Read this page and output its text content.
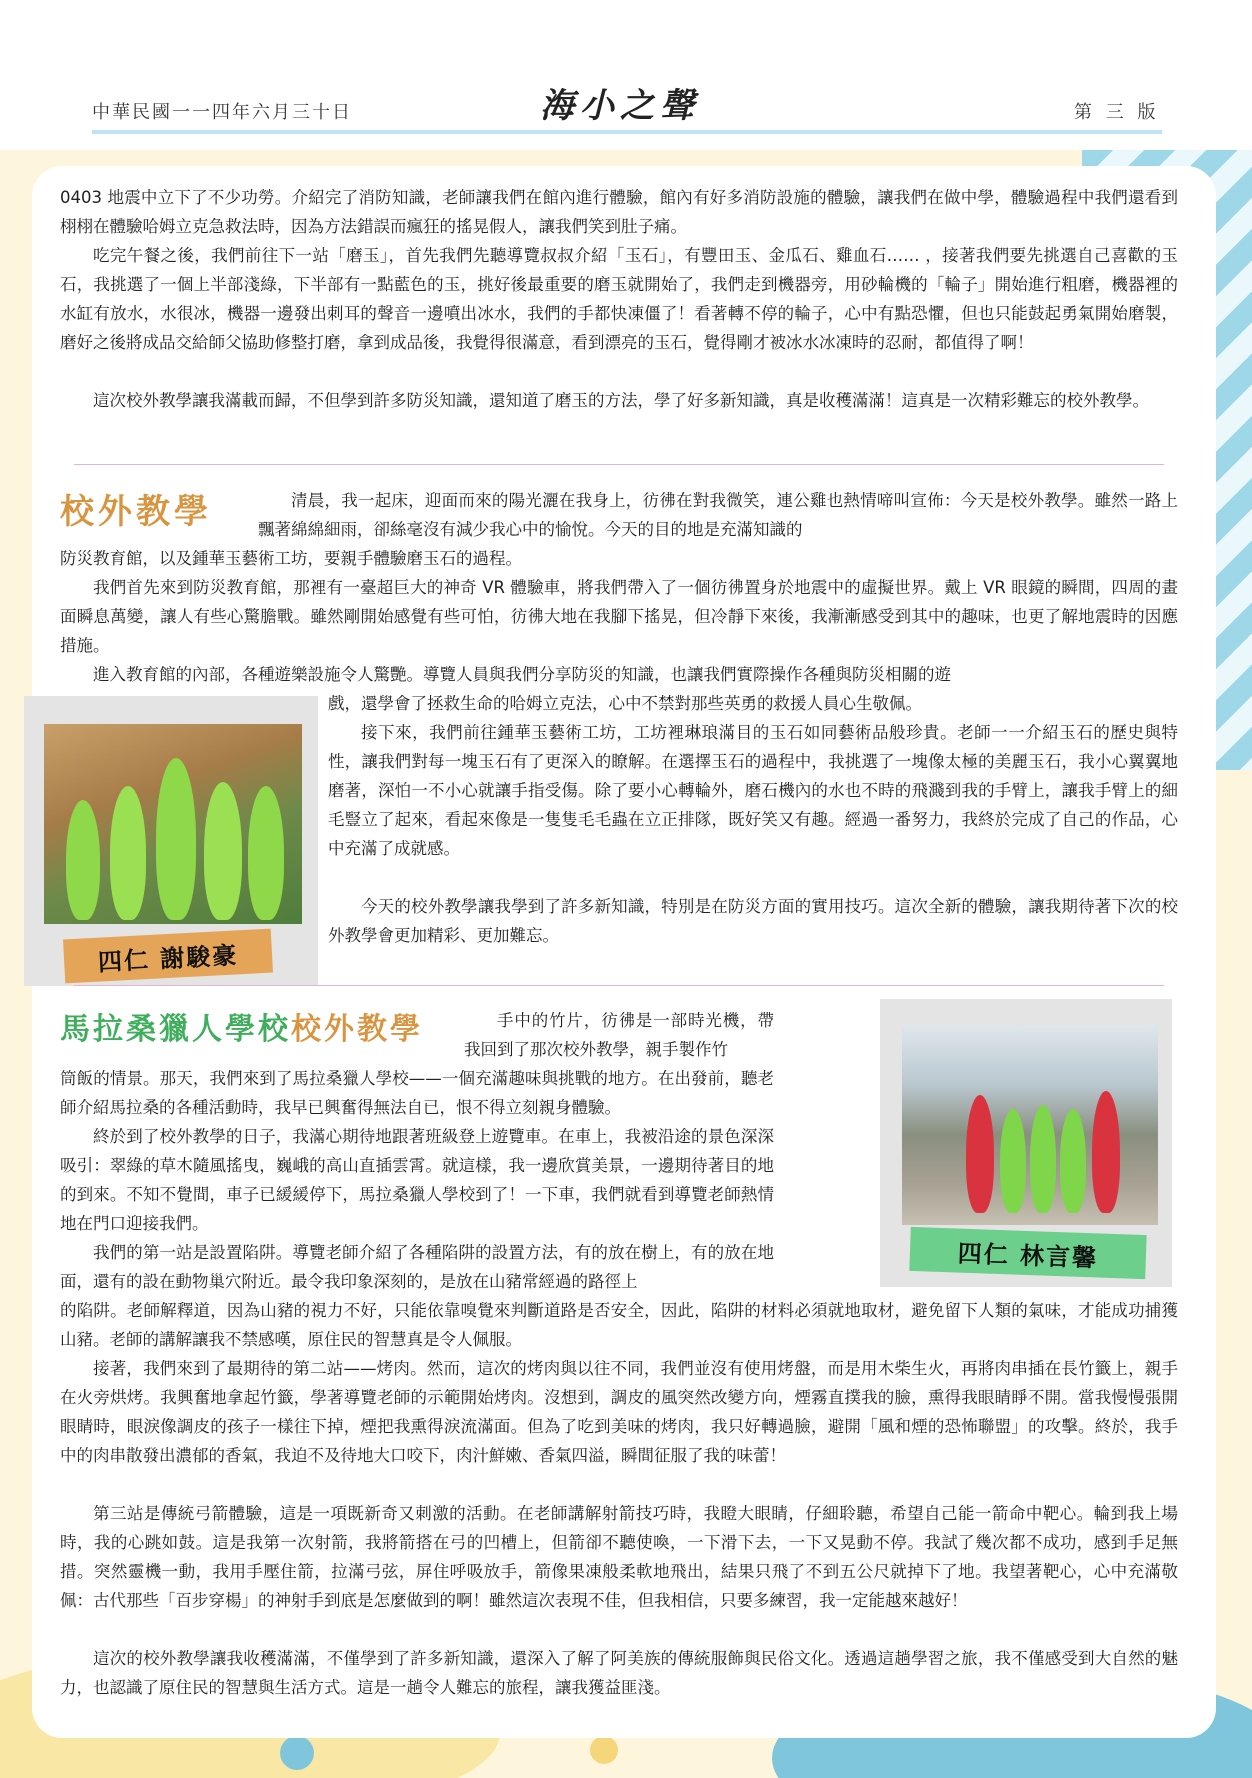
中華民國一一四年六月三十日	海小之聲	第 三 版

0403 地震中立下了不少功勞。介紹完了消防知識，老師讓我們在館內進行體驗，館內有好多消防設施的體驗，讓我們在做中學，體驗過程中我們還看到栩栩在體驗哈姆立克急救法時，因為方法錯誤而瘋狂的搖晃假人，讓我們笑到肚子痛。

吃完午餐之後，我們前往下一站「磨玉」，首先我們先聽導覽叔叔介紹「玉石」，有豐田玉、金瓜石、雞血石…… ，接著我們要先挑選自己喜歡的玉石，我挑選了一個上半部淺綠，下半部有一點藍色的玉，挑好後最重要的磨玉就開始了，我們走到機器旁，用砂輪機的「輪子」開始進行粗磨，機器裡的水缸有放水，水很冰，機器一邊發出刺耳的聲音一邊噴出冰水，我們的手都快凍僵了！看著轉不停的輪子，心中有點恐懼，但也只能鼓起勇氣開始磨製，磨好之後將成品交給師父協助修整打磨，拿到成品後，我覺得很滿意，看到漂亮的玉石，覺得剛才被冰水冰凍時的忍耐，都值得了啊！

這次校外教學讓我滿載而歸，不但學到許多防災知識，還知道了磨玉的方法，學了好多新知識，真是收穫滿滿！這真是一次精彩難忘的校外教學。

校外教學	清晨，我一起床，迎面而來的陽光灑在我身上，彷彿在對我微笑，連公雞也熱情啼叫宣佈：今天是校外教學。雖然一路上飄著綿綿細雨，卻絲毫沒有減少我心中的愉悅。今天的目的地是充滿知識的

防災教育館，以及鍾華玉藝術工坊，要親手體驗磨玉石的過程。

我們首先來到防災教育館，那裡有一臺超巨大的神奇 VR 體驗車，將我們帶入了一個彷彿置身於地震中的虛擬世界。戴上 VR 眼鏡的瞬間，四周的畫面瞬息萬變，讓人有些心驚膽戰。雖然剛開始感覺有些可怕，彷彿大地在我腳下搖晃，但冷靜下來後，我漸漸感受到其中的趣味，也更了解地震時的因應措施。

進入教育館的內部，各種遊樂設施令人驚艷。導覽人員與我們分享防災的知識，也讓我們實際操作各種與防災相關的遊

戲，還學會了拯救生命的哈姆立克法，心中不禁對那些英勇的救援人員心生敬佩。

接下來，我們前往鍾華玉藝術工坊，工坊裡琳琅滿目的玉石如同藝術品般珍貴。老師一一介紹玉石的歷史與特性，讓我們對每一塊玉石有了更深入的瞭解。在選擇玉石的過程中，我挑選了一塊像太極的美麗玉石，我小心翼翼地磨著，深怕一不小心就讓手指受傷。除了要小心轉輪外，磨石機內的水也不時的飛濺到我的手臂上，讓我手臂上的細毛豎立了起來，看起來像是一隻隻毛毛蟲在立正排隊，既好笑又有趣。經過一番努力，我終於完成了自己的作品，心中充滿了成就感。

今天的校外教學讓我學到了許多新知識，特別是在防災方面的實用技巧。這次全新的體驗，讓我期待著下次的校外教學會更加精彩、更加難忘。

四仁 謝駿豪
馬拉桑獵人學校校外教學	手中的竹片，彷彿是一部時光機，帶我回到了那次校外教學，親手製作竹

筒飯的情景。那天，我們來到了馬拉桑獵人學校——一個充滿趣味與挑戰的地方。在出發前，聽老師介紹馬拉桑的各種活動時，我早已興奮得無法自已，恨不得立刻親身體驗。

終於到了校外教學的日子，我滿心期待地跟著班級登上遊覽車。在車上，我被沿途的景色深深吸引：翠綠的草木隨風搖曳，巍峨的高山直插雲霄。就這樣，我一邊欣賞美景，一邊期待著目的地的到來。不知不覺間，車子已緩緩停下，馬拉桑獵人學校到了！一下車，我們就看到導覽老師熱情地在門口迎接我們。

我們的第一站是設置陷阱。導覽老師介紹了各種陷阱的設置方法，有的放在樹上，有的放在地面，還有的設在動物巢穴附近。最令我印象深刻的，是放在山豬常經過的路徑上

的陷阱。老師解釋道，因為山豬的視力不好，只能依靠嗅覺來判斷道路是否安全，因此，陷阱的材料必須就地取材，避免留下人類的氣味，才能成功捕獲山豬。老師的講解讓我不禁感嘆，原住民的智慧真是令人佩服。

接著，我們來到了最期待的第二站——烤肉。然而，這次的烤肉與以往不同，我們並沒有使用烤盤，而是用木柴生火，再將肉串插在長竹籤上，親手在火旁烘烤。我興奮地拿起竹籤，學著導覽老師的示範開始烤肉。沒想到，調皮的風突然改變方向，煙霧直撲我的臉，熏得我眼睛睜不開。當我慢慢張開眼睛時，眼淚像調皮的孩子一樣往下掉，煙把我熏得淚流滿面。但為了吃到美味的烤肉，我只好轉過臉，避開「風和煙的恐怖聯盟」的攻擊。終於，我手中的肉串散發出濃郁的香氣，我迫不及待地大口咬下，肉汁鮮嫩、香氣四溢，瞬間征服了我的味蕾！

第三站是傳統弓箭體驗，這是一項既新奇又刺激的活動。在老師講解射箭技巧時，我瞪大眼睛，仔細聆聽，希望自己能一箭命中靶心。輪到我上場時，我的心跳如鼓。這是我第一次射箭，我將箭搭在弓的凹槽上，但箭卻不聽使喚，一下滑下去，一下又晃動不停。我試了幾次都不成功，感到手足無措。突然靈機一動，我用手壓住箭，拉滿弓弦，屏住呼吸放手，箭像果凍般柔軟地飛出，結果只飛了不到五公尺就掉下了地。我望著靶心，心中充滿敬佩：古代那些「百步穿楊」的神射手到底是怎麼做到的啊！雖然這次表現不佳，但我相信，只要多練習，我一定能越來越好！

這次的校外教學讓我收穫滿滿，不僅學到了許多新知識，還深入了解了阿美族的傳統服飾與民俗文化。透過這趟學習之旅，我不僅感受到大自然的魅力，也認識了原住民的智慧與生活方式。這是一趟令人難忘的旅程，讓我獲益匪淺。

四仁 林言馨
